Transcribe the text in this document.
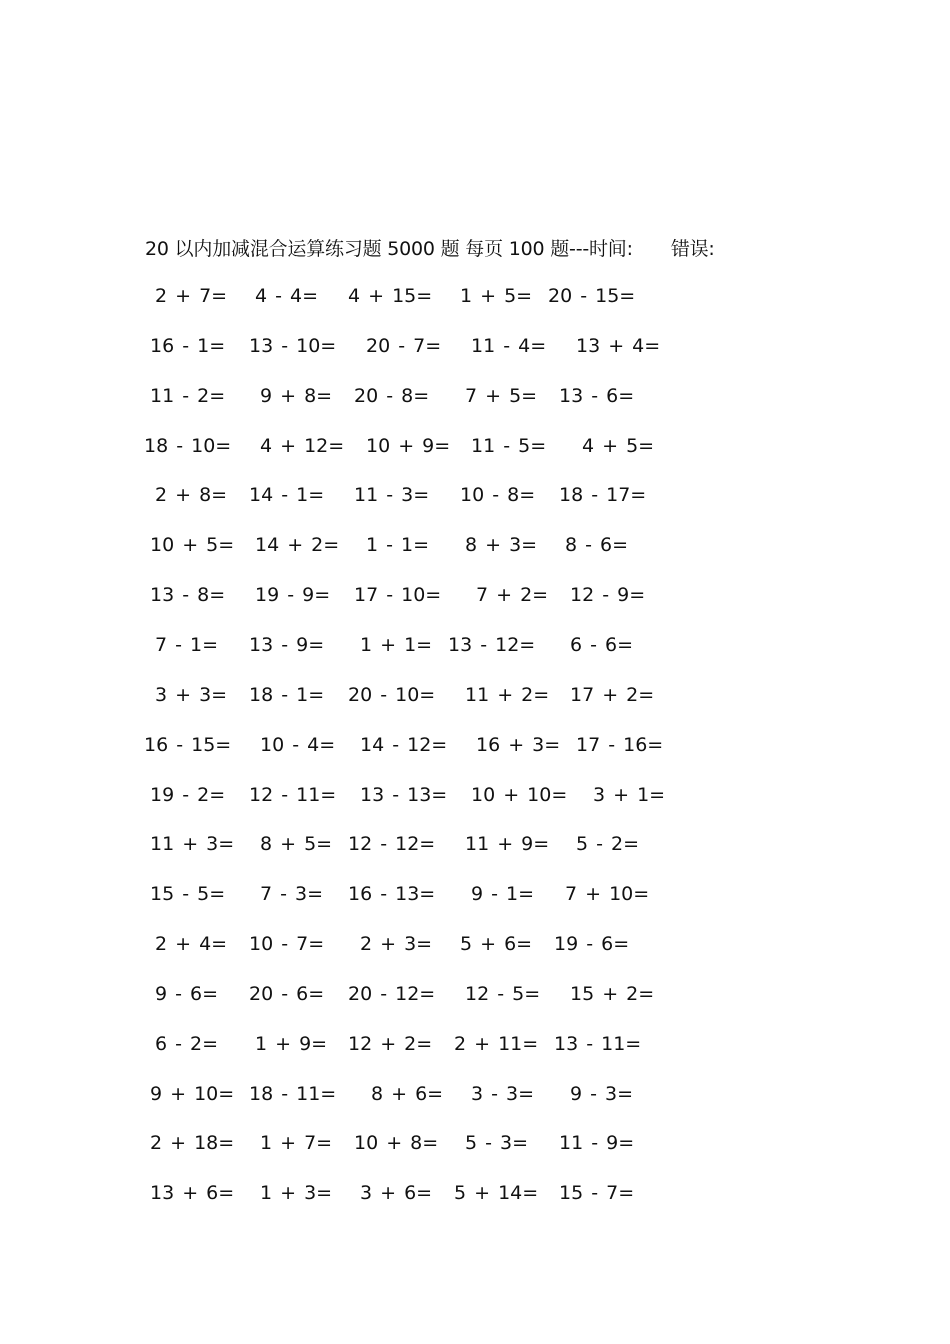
20 以内加减混合运算练习题 5000 题 每页 100 题---时间: 错误:
2 + 7= 4 - 4= 4 + 15= 1 + 5= 20 - 15=
16 - 1= 13 - 10= 20 - 7= 11 - 4= 13 + 4=
11 - 2= 9 + 8= 20 - 8= 7 + 5= 13 - 6=
18 - 10= 4 + 12= 10 + 9= 11 - 5= 4 + 5=
2 + 8= 14 - 1= 11 - 3= 10 - 8= 18 - 17=
10 + 5= 14 + 2= 1 - 1= 8 + 3= 8 - 6=
13 - 8= 19 - 9= 17 - 10= 7 + 2= 12 - 9=
7 - 1= 13 - 9= 1 + 1= 13 - 12= 6 - 6=
3 + 3= 18 - 1= 20 - 10= 11 + 2= 17 + 2=
16 - 15= 10 - 4= 14 - 12= 16 + 3= 17 - 16=
19 - 2= 12 - 11= 13 - 13= 10 + 10= 3 + 1=
11 + 3= 8 + 5= 12 - 12= 11 + 9= 5 - 2=
15 - 5= 7 - 3= 16 - 13= 9 - 1= 7 + 10=
2 + 4= 10 - 7= 2 + 3= 5 + 6= 19 - 6=
9 - 6= 20 - 6= 20 - 12= 12 - 5= 15 + 2=
6 - 2= 1 + 9= 12 + 2= 2 + 11= 13 - 11=
9 + 10= 18 - 11= 8 + 6= 3 - 3= 9 - 3=
2 + 18= 1 + 7= 10 + 8= 5 - 3= 11 - 9=
13 + 6= 1 + 3= 3 + 6= 5 + 14= 15 - 7=
